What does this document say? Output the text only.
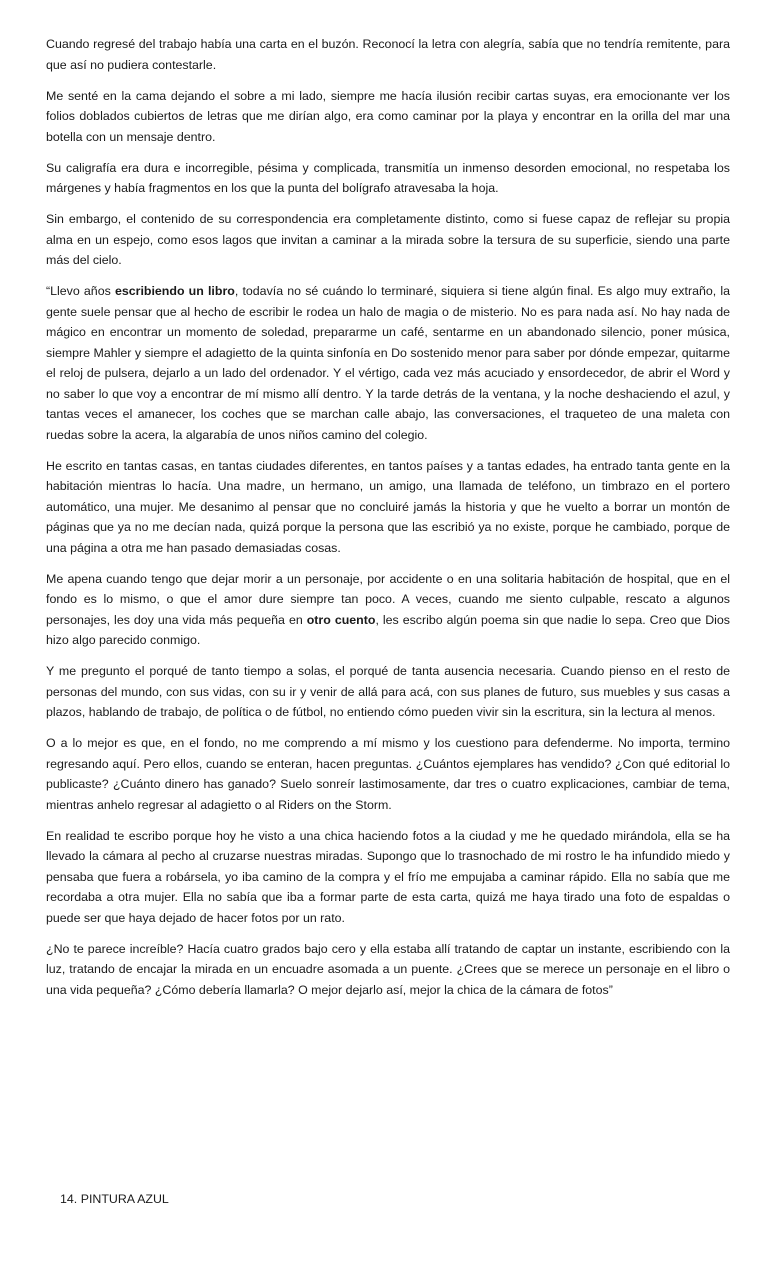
Cuando regresé del trabajo había una carta en el buzón. Reconocí la letra con alegría, sabía que no tendría remitente, para que así no pudiera contestarle.

Me senté en la cama dejando el sobre a mi lado, siempre me hacía ilusión recibir cartas suyas, era emocionante ver los folios doblados cubiertos de letras que me dirían algo, era como caminar por la playa y encontrar en la orilla del mar una botella con un mensaje dentro.

Su caligrafía era dura e incorregible, pésima y complicada, transmitía un inmenso desorden emocional, no respetaba los márgenes y había fragmentos en los que la punta del bolígrafo atravesaba la hoja.

Sin embargo, el contenido de su correspondencia era completamente distinto, como si fuese capaz de reflejar su propia alma en un espejo, como esos lagos que invitan a caminar a la mirada sobre la tersura de su superficie, siendo una parte más del cielo.

“Llevo años escribiendo un libro, todavía no sé cuándo lo terminaré, siquiera si tiene algún final. Es algo muy extraño, la gente suele pensar que al hecho de escribir le rodea un halo de magia o de misterio. No es para nada así. No hay nada de mágico en encontrar un momento de soledad, prepararme un café, sentarme en un abandonado silencio, poner música, siempre Mahler y siempre el adagietto de la quinta sinfonía en Do sostenido menor para saber por dónde empezar, quitarme el reloj de pulsera, dejarlo a un lado del ordenador. Y el vértigo, cada vez más acuciado y ensordecedor, de abrir el Word y no saber lo que voy a encontrar de mí mismo allí dentro. Y la tarde detrás de la ventana, y la noche deshaciendo el azul, y tantas veces el amanecer, los coches que se marchan calle abajo, las conversaciones, el traqueteo de una maleta con ruedas sobre la acera, la algarabía de unos niños camino del colegio.

He escrito en tantas casas, en tantas ciudades diferentes, en tantos países y a tantas edades, ha entrado tanta gente en la habitación mientras lo hacía. Una madre, un hermano, un amigo, una llamada de teléfono, un timbrazo en el portero automático, una mujer. Me desanimo al pensar que no concluiré jamás la historia y que he vuelto a borrar un montón de páginas que ya no me decían nada, quizá porque la persona que las escribió ya no existe, porque he cambiado, porque de una página a otra me han pasado demasiadas cosas.

Me apena cuando tengo que dejar morir a un personaje, por accidente o en una solitaria habitación de hospital, que en el fondo es lo mismo, o que el amor dure siempre tan poco. A veces, cuando me siento culpable, rescato a algunos personajes, les doy una vida más pequeña en otro cuento, les escribo algún poema sin que nadie lo sepa. Creo que Dios hizo algo parecido conmigo.

Y me pregunto el porqué de tanto tiempo a solas, el porqué de tanta ausencia necesaria. Cuando pienso en el resto de personas del mundo, con sus vidas, con su ir y venir de allá para acá, con sus planes de futuro, sus muebles y sus casas a plazos, hablando de trabajo, de política o de fútbol, no entiendo cómo pueden vivir sin la escritura, sin la lectura al menos.

O a lo mejor es que, en el fondo, no me comprendo a mí mismo y los cuestiono para defenderme. No importa, termino regresando aquí. Pero ellos, cuando se enteran, hacen preguntas. ¿Cuántos ejemplares has vendido? ¿Con qué editorial lo publicaste? ¿Cuánto dinero has ganado? Suelo sonreír lastimosamente, dar tres o cuatro explicaciones, cambiar de tema, mientras anhelo regresar al adagietto o al Riders on the Storm.

En realidad te escribo porque hoy he visto a una chica haciendo fotos a la ciudad y me he quedado mirándola, ella se ha llevado la cámara al pecho al cruzarse nuestras miradas. Supongo que lo trasnochado de mi rostro le ha infundido miedo y pensaba que fuera a robársela, yo iba camino de la compra y el frío me empujaba a caminar rápido. Ella no sabía que me recordaba a otra mujer. Ella no sabía que iba a formar parte de esta carta, quizá me haya tirado una foto de espaldas o puede ser que haya dejado de hacer fotos por un rato.

¿No te parece increíble? Hacía cuatro grados bajo cero y ella estaba allí tratando de captar un instante, escribiendo con la luz, tratando de encajar la mirada en un encuadre asomada a un puente. ¿Crees que se merece un personaje en el libro o una vida pequeña? ¿Cómo debería llamarla? O mejor dejarlo así, mejor la chica de la cámara de fotos”

14. PINTURA AZUL
